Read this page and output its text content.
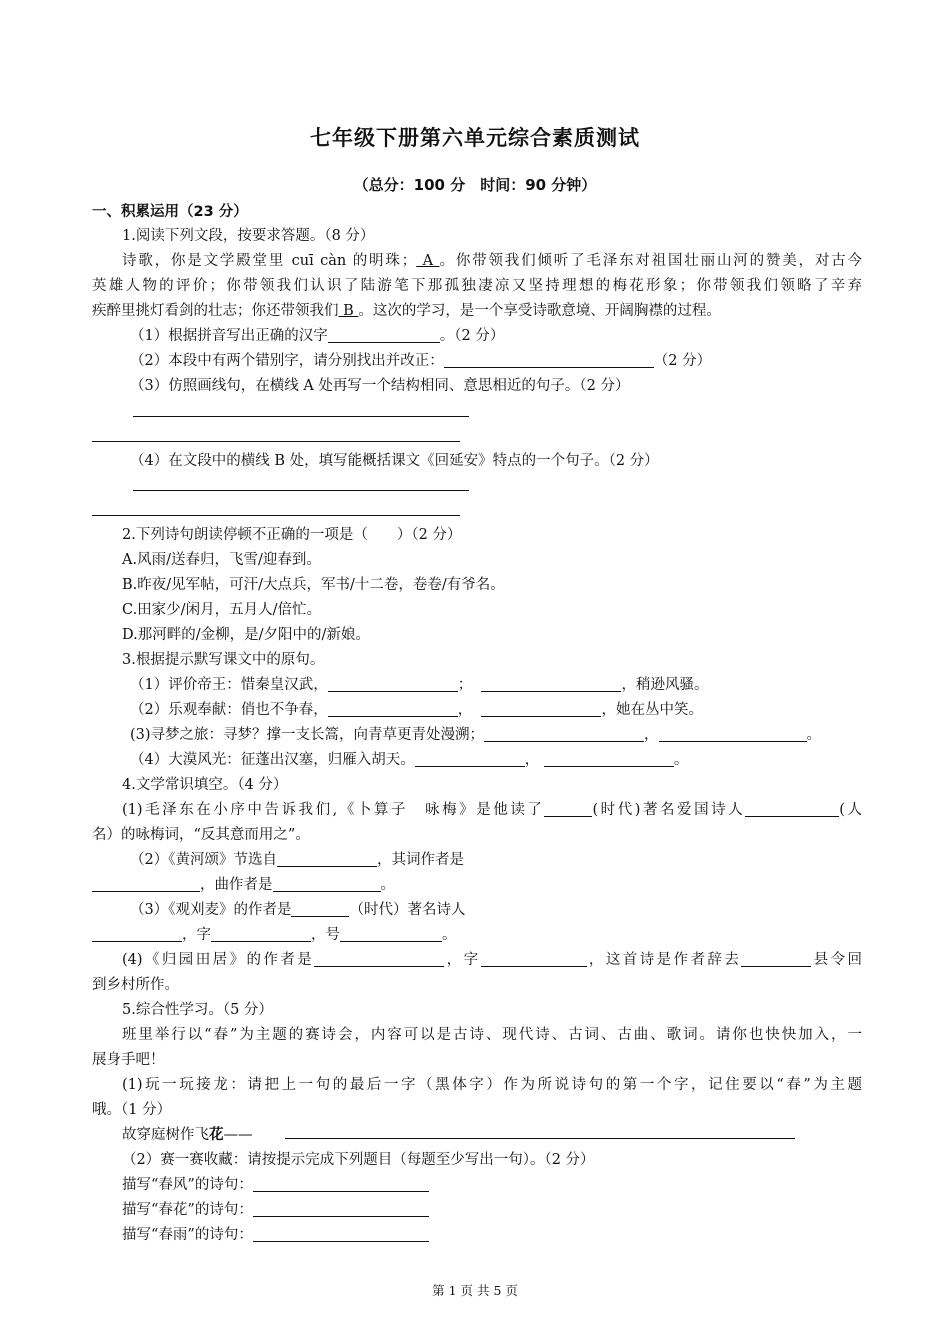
七年级下册第六单元综合素质测试
（总分：100 分　时间：90 分钟）
一、积累运用（23 分）
1.阅读下列文段，按要求答题。（8 分）
诗歌，你是文学殿堂里 cuī càn 的明珠； A 。你带领我们倾听了毛泽东对祖国壮丽山河的赞美，对古今
英雄人物的评价；你带领我们认识了陆游笔下那孤独凄凉又坚持理想的梅花形象；你带领我们领略了辛弃
疾醉里挑灯看剑的壮志；你还带领我们 B 。这次的学习，是一个享受诗歌意境、开阔胸襟的过程。
（1）根据拼音写出正确的汉字	。（2 分）
（2）本段中有两个错别字，请分别找出并改正：	（2 分）
（3）仿照画线句，在横线 A 处再写一个结构相同、意思相近的句子。（2 分）
（4）在文段中的横线 B 处，填写能概括课文《回延安》特点的一个句子。（2 分）
2.下列诗句朗读停顿不正确的一项是（　　）（2 分）
A.风雨/送春归，飞雪/迎春到。
B.昨夜/见军帖，可汗/大点兵，军书/十二卷，卷卷/有爷名。
C.田家少/闲月，五月人/倍忙。
D.那河畔的/金柳，是/夕阳中的/新娘。
3.根据提示默写课文中的原句。
（1）评价帝王：惜秦皇汉武，	；	，稍逊风骚。
（2）乐观奉献：俏也不争春，	，	，她在丛中笑。
(3)寻梦之旅：寻梦？撑一支长篙，向青草更青处漫溯；	，	。
（4）大漠风光：征蓬出汉塞，归雁入胡天。	，	。
4.文学常识填空。（4 分）
(1)毛泽东在小序中告诉我们,《卜算子　咏梅》是他读了	(时代)著名爱国诗人	(人
名）的咏梅词，“反其意而用之”。
（2）《黄河颂》节选自	，其词作者是
，曲作者是	。
（3）《观刈麦》的作者是	（时代）著名诗人
，字	，号	。
(4)《归园田居》的作者是	，字	，这首诗是作者辞去	县令回
到乡村所作。
5.综合性学习。（5 分）
班里举行以“春”为主题的赛诗会，内容可以是古诗、现代诗、古词、古曲、歌词。请你也快快加入，一
展身手吧！
(1)玩一玩接龙：请把上一句的最后一字（黑体字）作为所说诗句的第一个字，记住要以“春”为主题
哦。（1 分）
故穿庭树作飞花——
（2）赛一赛收藏：请按提示完成下列题目（每题至少写出一句）。（2 分）
描写“春风”的诗句：
描写“春花”的诗句：
描写“春雨”的诗句：
第 1 页 共 5 页
